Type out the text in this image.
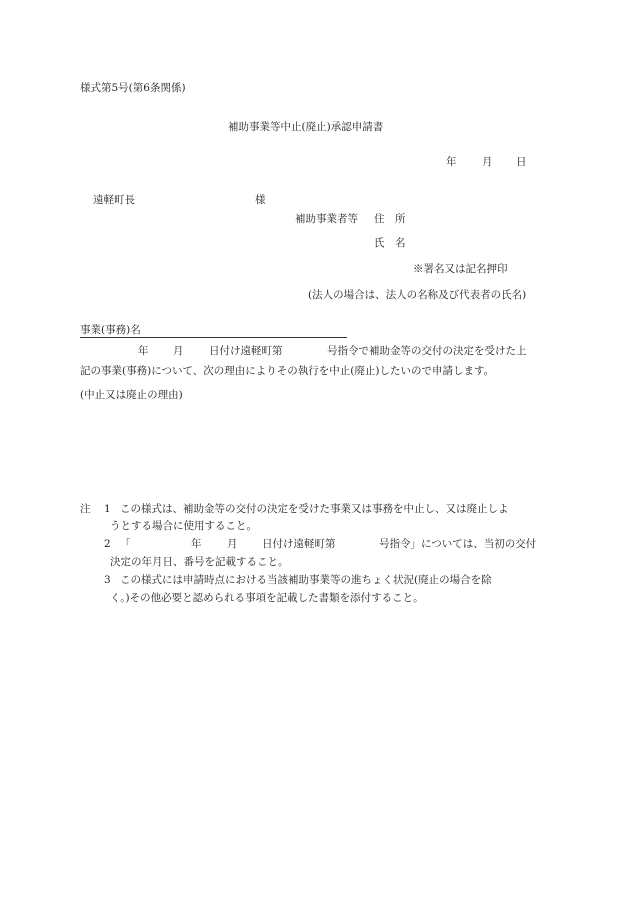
様式第5号(第6条関係)
補助事業等中止(廃止)承認申請書
年 月 日
遠軽町長	様
補助事業者等 住　所
氏　名
※署名又は記名押印
(法人の場合は、法人の名称及び代表者の氏名)
事業(事務)名
年 月 日付け遠軽町第	号指令で補助金等の交付の決定を受けた上
記の事業(事務)について、次の理由によりその執行を中止(廃止)したいので申請します。
(中止又は廃止の理由)
注 1 この様式は、補助金等の交付の決定を受けた事業又は事務を中止し、又は廃止しよ
うとする場合に使用すること。
2 「	年 月 日付け遠軽町第	号指令」については、当初の交付
決定の年月日、番号を記載すること。
3 この様式には申請時点における当該補助事業等の進ちょく状況(廃止の場合を除
く。)その他必要と認められる事項を記載した書類を添付すること。
